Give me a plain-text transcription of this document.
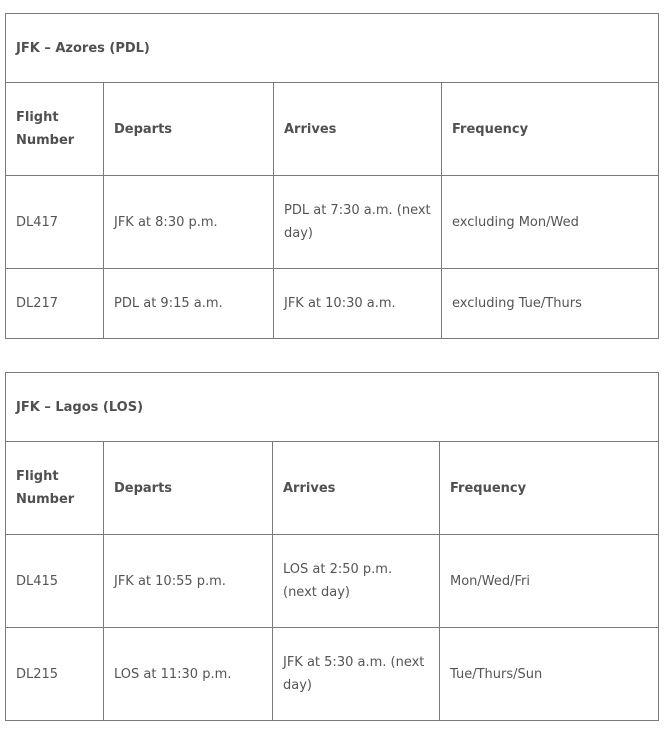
JFK – Azores (PDL)			
Flight Number	Departs	Arrives	Frequency
DL417	JFK at 8:30 p.m.	PDL at 7:30 a.m. (next day)	excluding Mon/Wed
DL217	PDL at 9:15 a.m.	JFK at 10:30 a.m.	excluding Tue/Thurs
JFK – Lagos (LOS)			
Flight Number	Departs	Arrives	Frequency
DL415	JFK at 10:55 p.m.	LOS at 2:50 p.m. (next day)	Mon/Wed/Fri
DL215	LOS at 11:30 p.m.	JFK at 5:30 a.m. (next day)	Tue/Thurs/Sun
